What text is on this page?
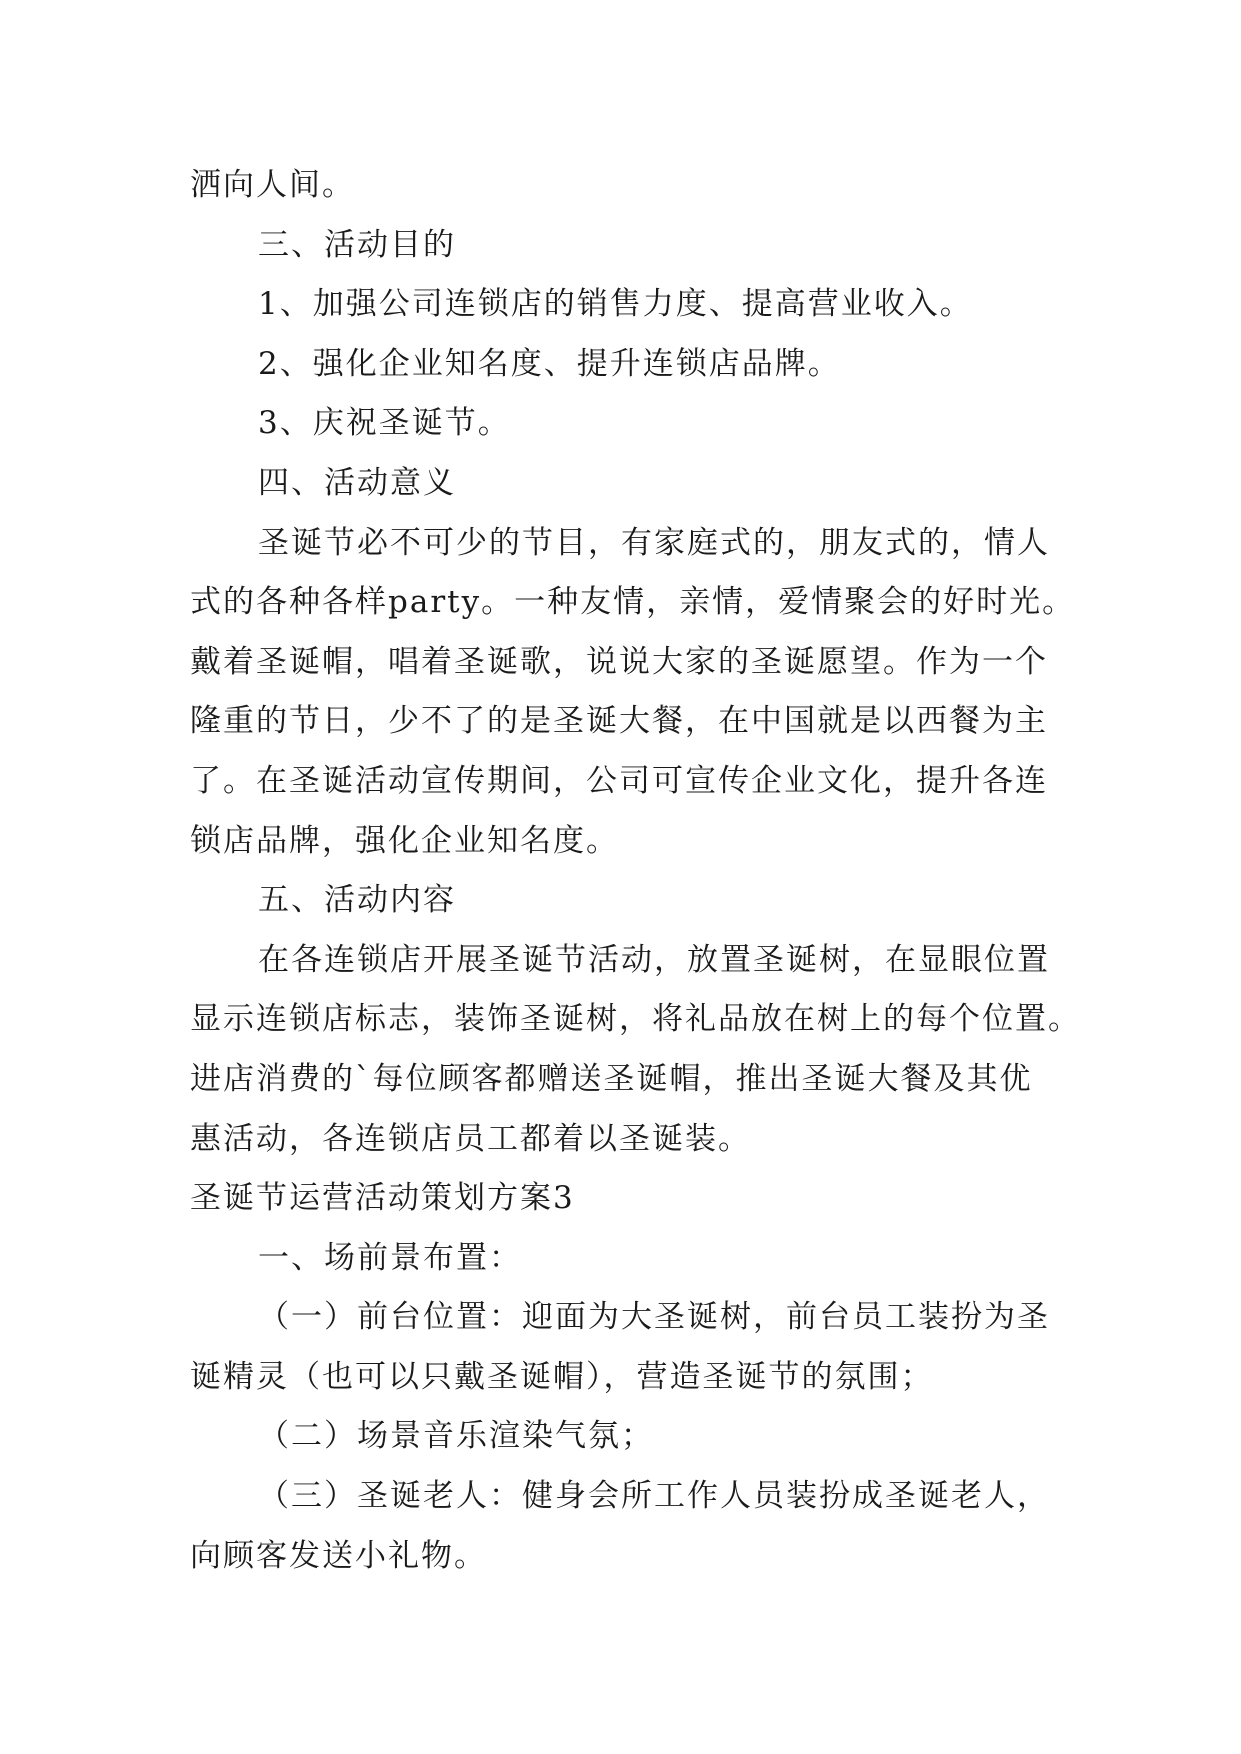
洒向人间。
三、活动目的
1、加强公司连锁店的销售力度、提高营业收入。
2、强化企业知名度、提升连锁店品牌。
3、庆祝圣诞节。
四、活动意义
圣诞节必不可少的节目，有家庭式的，朋友式的，情人
式的各种各样party。一种友情，亲情，爱情聚会的好时光。
戴着圣诞帽，唱着圣诞歌，说说大家的圣诞愿望。作为一个
隆重的节日，少不了的是圣诞大餐，在中国就是以西餐为主
了。在圣诞活动宣传期间，公司可宣传企业文化，提升各连
锁店品牌，强化企业知名度。
五、活动内容
在各连锁店开展圣诞节活动，放置圣诞树，在显眼位置
显示连锁店标志，装饰圣诞树，将礼品放在树上的每个位置。
进店消费的`每位顾客都赠送圣诞帽，推出圣诞大餐及其优
惠活动，各连锁店员工都着以圣诞装。
圣诞节运营活动策划方案3
一、场前景布置：
（一）前台位置：迎面为大圣诞树，前台员工装扮为圣
诞精灵（也可以只戴圣诞帽），营造圣诞节的氛围；
（二）场景音乐渲染气氛；
（三）圣诞老人：健身会所工作人员装扮成圣诞老人，
向顾客发送小礼物。
